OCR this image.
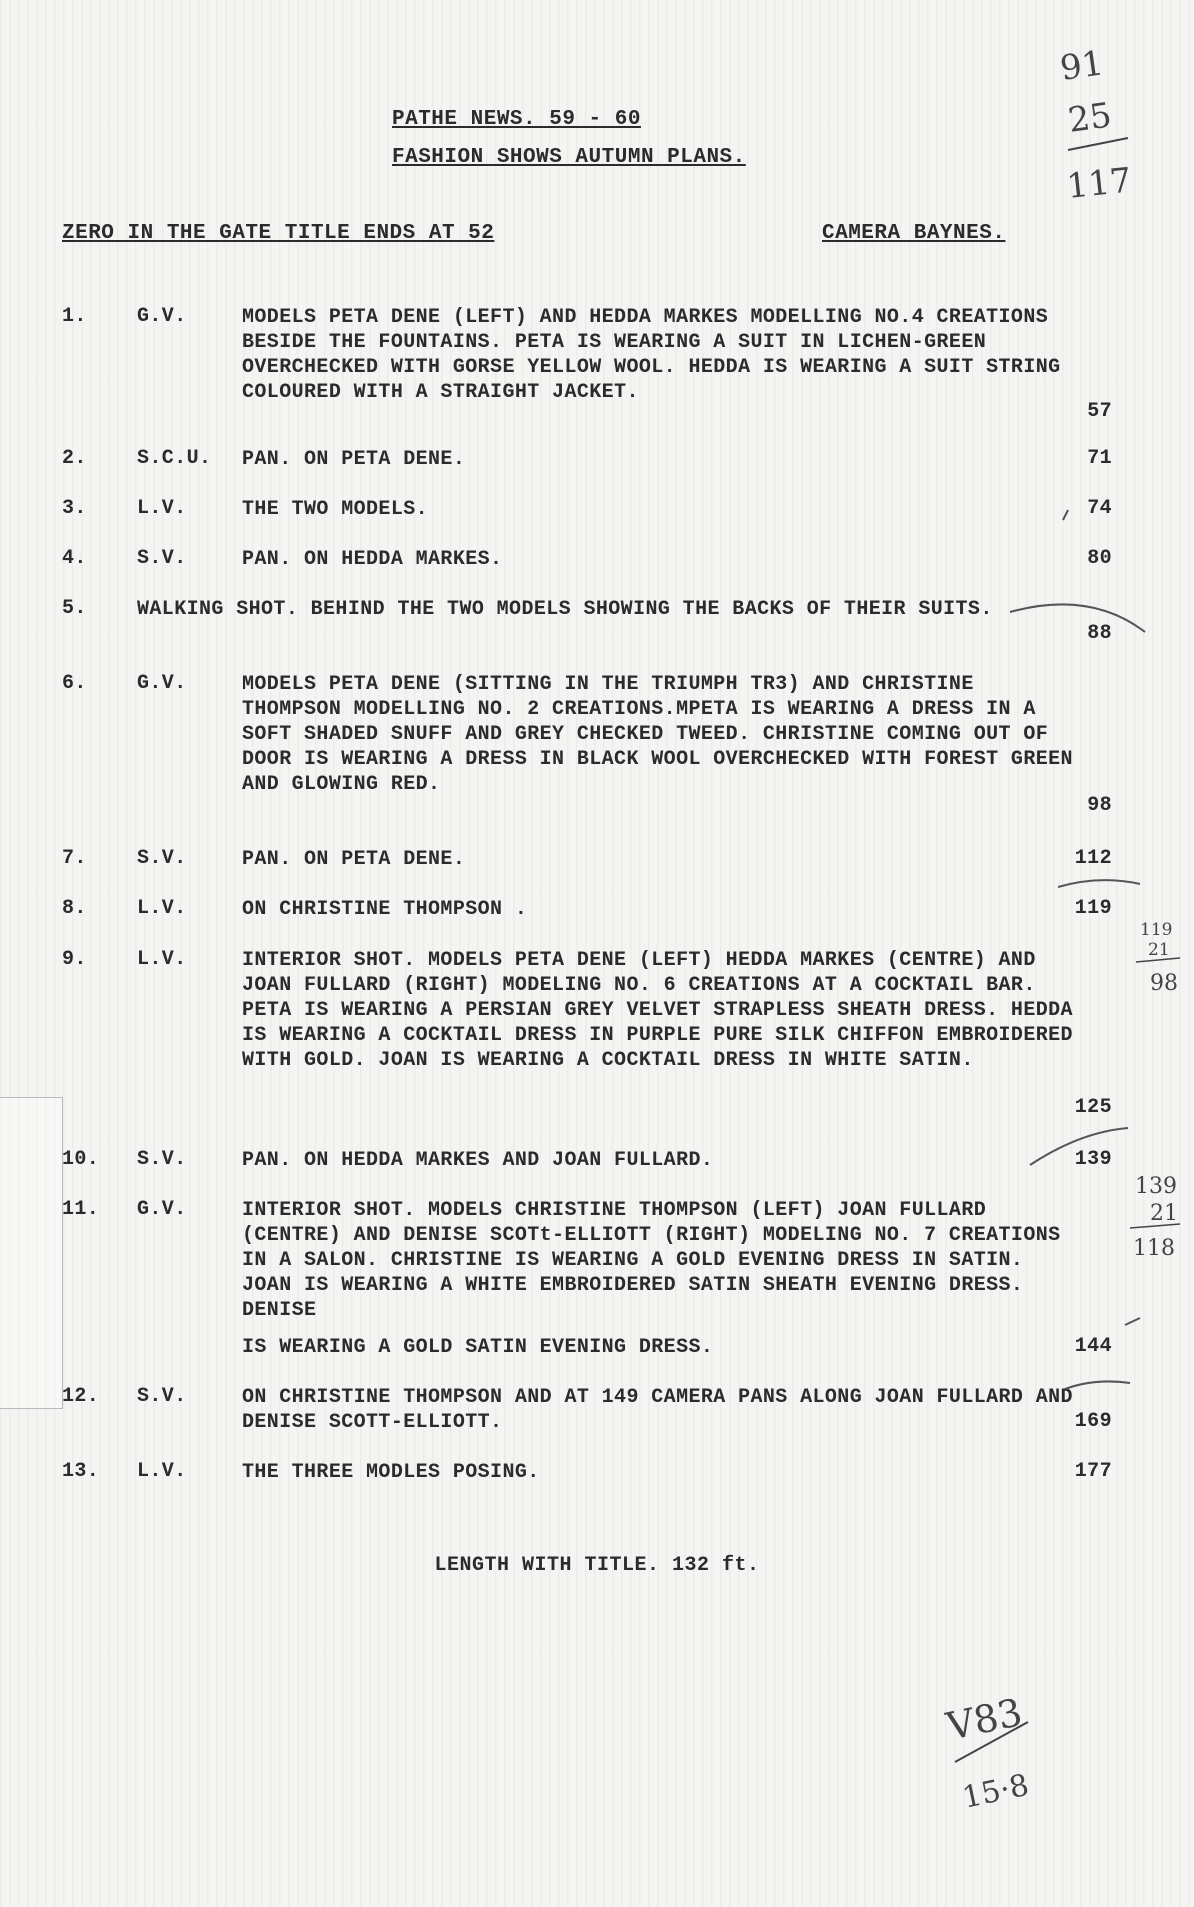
PATHE NEWS. 59 - 60
FASHION SHOWS AUTUMN PLANS.
ZERO IN THE GATE TITLE ENDS AT 52	CAMERA BAYNES.
1.	G.V.	MODELS PETA DENE (LEFT) AND HEDDA MARKES MODELLING NO.4 CREATIONS BESIDE THE FOUNTAINS. PETA IS WEARING A SUIT IN LICHEN-GREEN OVERCHECKED WITH GORSE YELLOW WOOL. HEDDA IS WEARING A SUIT STRING COLOURED WITH A STRAIGHT JACKET.
57
2.	S.C.U. PAN. ON PETA DENE.	71
3.	L.V.	THE TWO MODELS.	74
4.	S.V.	PAN. ON HEDDA MARKES.	80
5.	WALKING SHOT. BEHIND THE TWO MODELS SHOWING THE BACKS OF THEIR SUITS.
88
6.	G.V.	MODELS PETA DENE (SITTING IN THE TRIUMPH TR3) AND CHRISTINE THOMPSON MODELLING NO. 2 CREATIONS.MPETA IS WEARING A DRESS IN A SOFT SHADED SNUFF AND GREY CHECKED TWEED. CHRISTINE COMING OUT OF DOOR IS WEARING A DRESS IN BLACK WOOL OVERCHECKED WITH FOREST GREEN AND GLOWING RED.
98
7.	S.V.	PAN. ON PETA DENE.	112
8.	L.V.	ON CHRISTINE THOMPSON .	119
9.	L.V.	INTERIOR SHOT. MODELS PETA DENE (LEFT) HEDDA MARKES (CENTRE) AND JOAN FULLARD (RIGHT) MODELING NO. 6 CREATIONS AT A COCKTAIL BAR. PETA IS WEARING A PERSIAN GREY VELVET STRAPLESS SHEATH DRESS. HEDDA IS WEARING A COCKTAIL DRESS IN PURPLE PURE SILK CHIFFON EMBROIDERED WITH GOLD. JOAN IS WEARING A COCKTAIL DRESS IN WHITE SATIN.
125
10. S.V.	PAN. ON HEDDA MARKES AND JOAN FULLARD.	139
11. G.V.	INTERIOR SHOT. MODELS CHRISTINE THOMPSON (LEFT) JOAN FULLARD (CENTRE) AND DENISE SCOTt-ELLIOTT (RIGHT) MODELING NO. 7 CREATIONS IN A SALON. CHRISTINE IS WEARING A GOLD EVENING DRESS IN SATIN. JOAN IS WEARING A WHITE EMBROIDERED SATIN SHEATH EVENING DRESS. DENISE
IS WEARING A GOLD SATIN EVENING DRESS.	144
12. S.V.	ON CHRISTINE THOMPSON AND AT 149 CAMERA PANS ALONG JOAN FULLARD AND DENISE SCOTT-ELLIOTT.	169
13. L.V.	THE THREE MODLES POSING.	177
LENGTH WITH TITLE. 132 ft.
91
25
117
119
21
98
139
21
118
V83
15·8
